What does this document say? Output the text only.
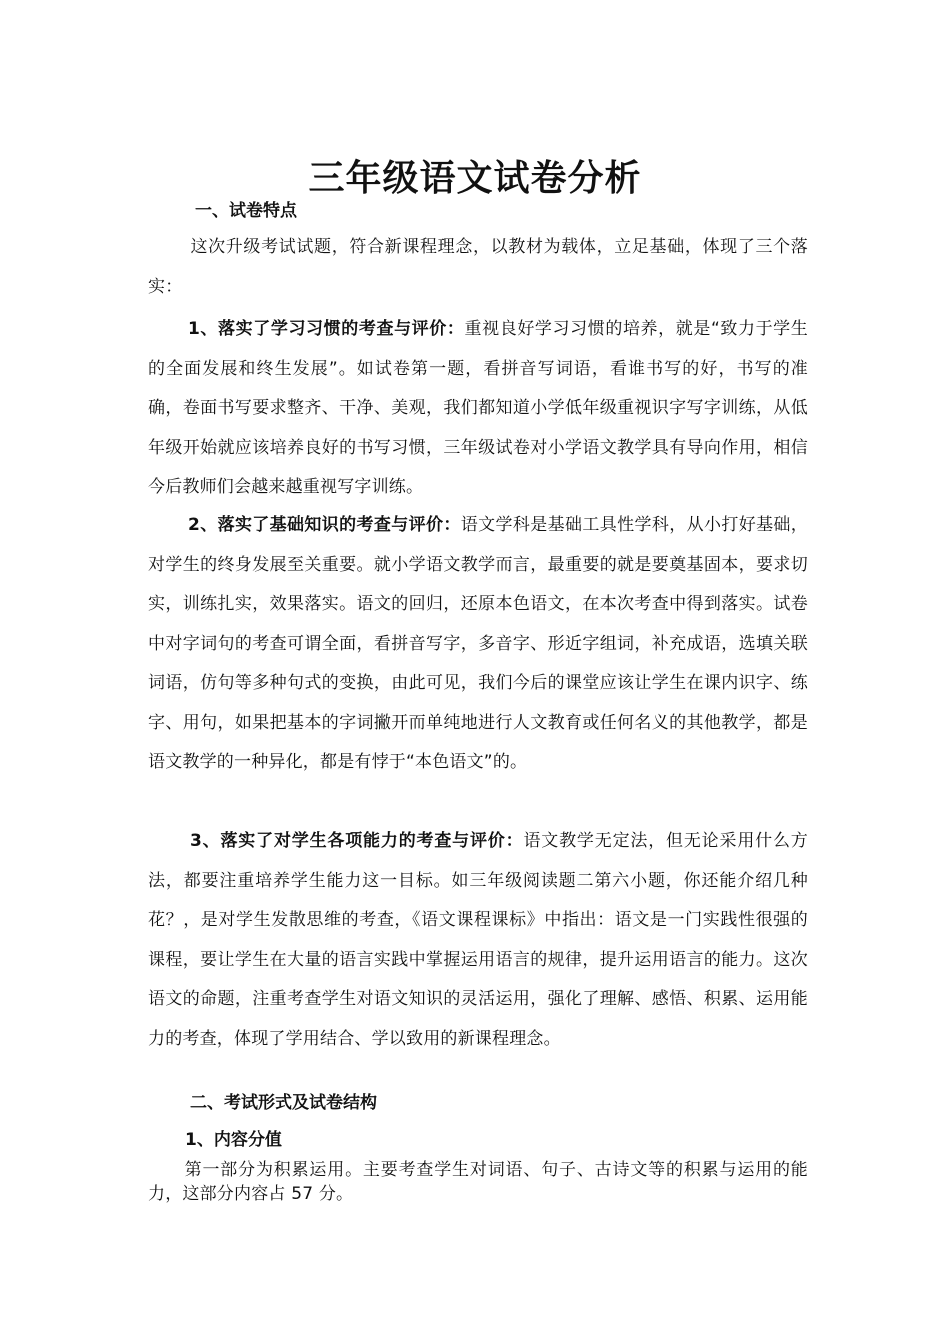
三年级语文试卷分析
一、试卷特点
这次升级考试试题，符合新课程理念，以教材为载体，立足基础，体现了三个落实：
1、落实了学习习惯的考查与评价：重视良好学习习惯的培养，就是“致力于学生的全面发展和终生发展”。如试卷第一题，看拼音写词语，看谁书写的好，书写的准确，卷面书写要求整齐、干净、美观，我们都知道小学低年级重视识字写字训练，从低年级开始就应该培养良好的书写习惯，三年级试卷对小学语文教学具有导向作用，相信今后教师们会越来越重视写字训练。
2、落实了基础知识的考查与评价：语文学科是基础工具性学科，从小打好基础，对学生的终身发展至关重要。就小学语文教学而言，最重要的就是要奠基固本，要求切实，训练扎实，效果落实。语文的回归，还原本色语文，在本次考查中得到落实。试卷中对字词句的考查可谓全面，看拼音写字，多音字、形近字组词，补充成语，选填关联词语，仿句等多种句式的变换，由此可见，我们今后的课堂应该让学生在课内识字、练字、用句，如果把基本的字词撇开而单纯地进行人文教育或任何名义的其他教学，都是语文教学的一种异化，都是有悖于“本色语文”的。
3、落实了对学生各项能力的考查与评价：语文教学无定法，但无论采用什么方法，都要注重培养学生能力这一目标。如三年级阅读题二第六小题，你还能介绍几种花？，是对学生发散思维的考查，《语文课程课标》中指出：语文是一门实践性很强的课程，要让学生在大量的语言实践中掌握运用语言的规律，提升运用语言的能力。这次语文的命题，注重考查学生对语文知识的灵活运用，强化了理解、感悟、积累、运用能力的考查，体现了学用结合、学以致用的新课程理念。
二、考试形式及试卷结构
1、内容分值
第一部分为积累运用。主要考查学生对词语、句子、古诗文等的积累与运用的能力，这部分内容占 57 分。
